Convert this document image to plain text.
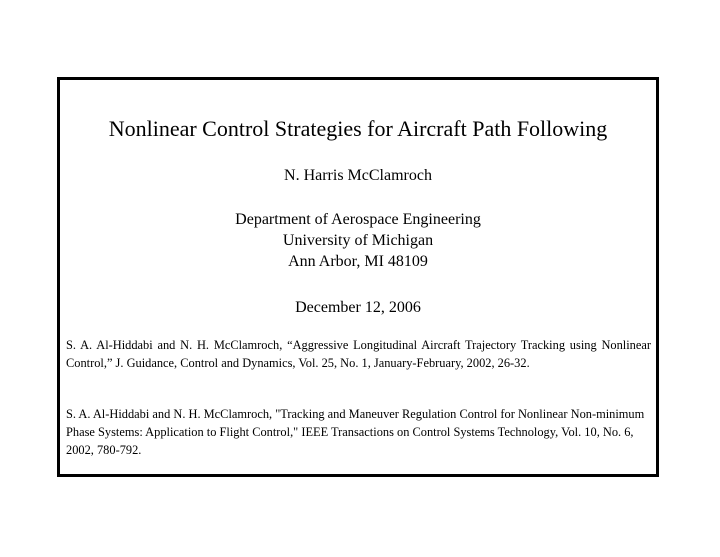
Nonlinear Control Strategies for Aircraft Path Following
N. Harris McClamroch
Department of Aerospace Engineering
University of Michigan
Ann Arbor, MI 48109
December 12, 2006
S. A. Al-Hiddabi and N. H. McClamroch, “Aggressive Longitudinal Aircraft Trajectory Tracking using Nonlinear Control,” J. Guidance, Control and Dynamics, Vol. 25, No. 1, January-February, 2002, 26-32.
S. A. Al-Hiddabi and N. H. McClamroch, "Tracking and Maneuver Regulation Control for Nonlinear Non-minimum Phase Systems: Application to Flight Control," IEEE Transactions on Control Systems Technology, Vol. 10, No. 6, 2002, 780-792.
